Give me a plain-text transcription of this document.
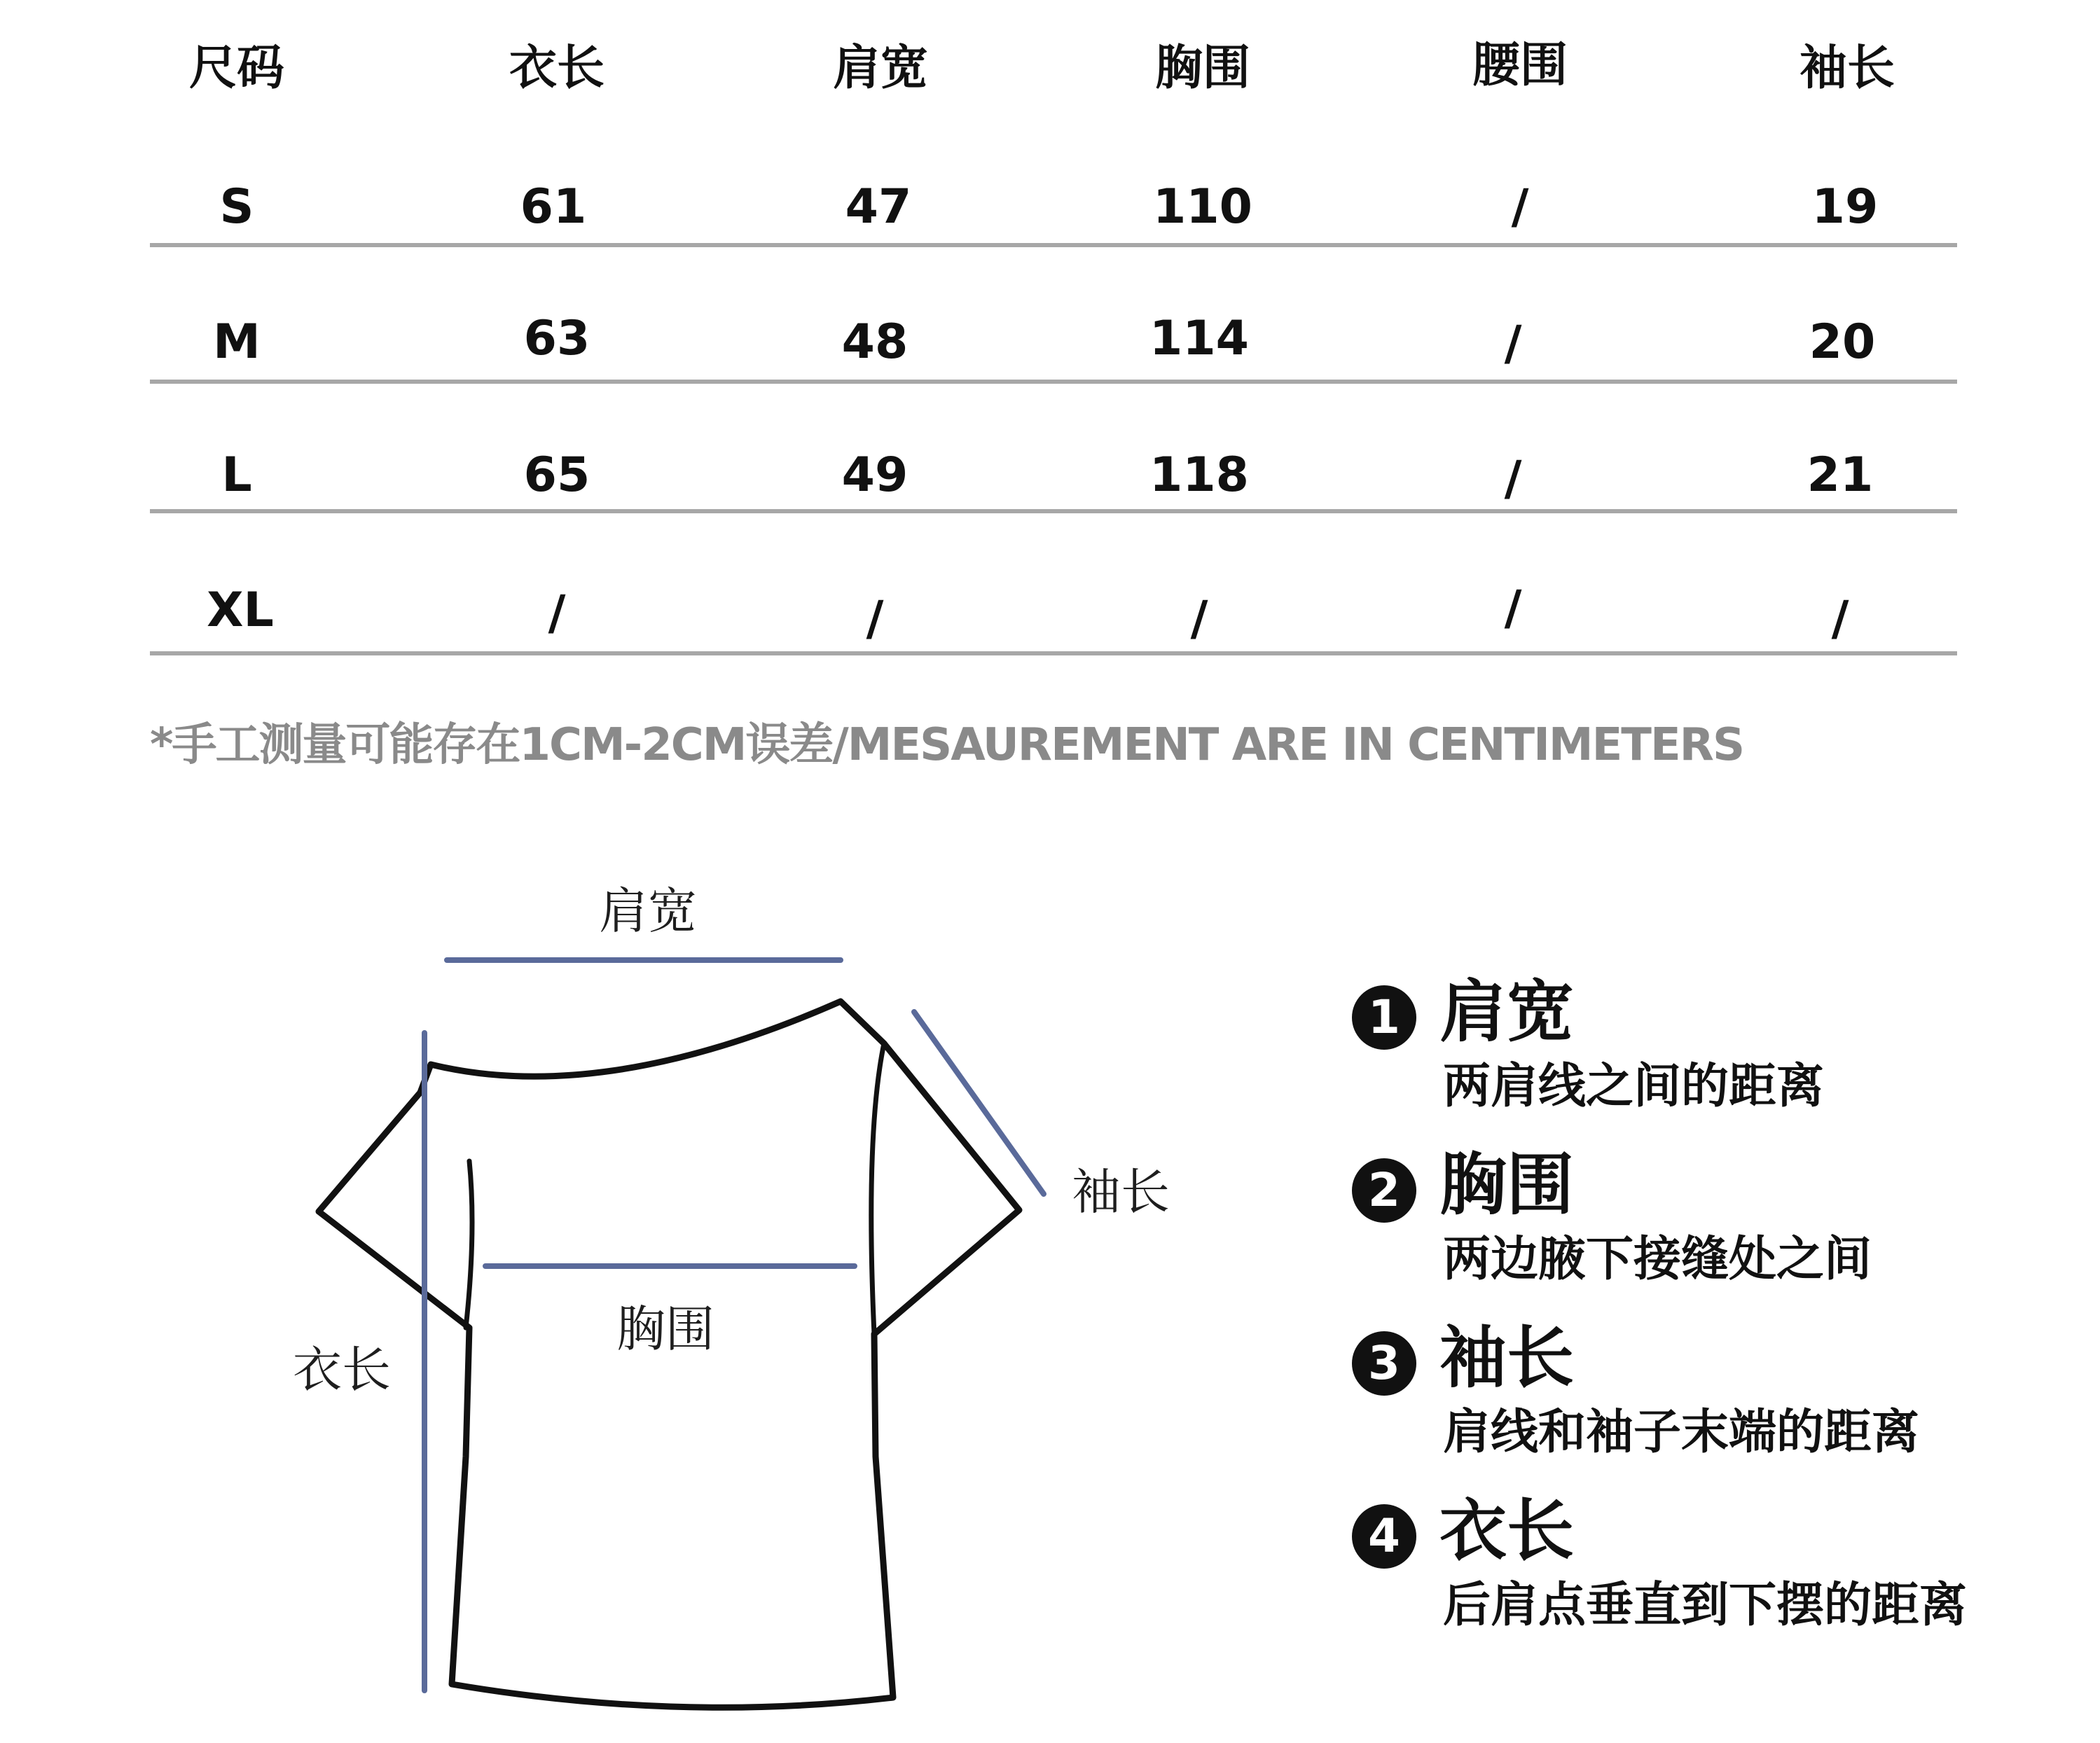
尺码	衣长	肩宽	胸围	腰围	袖长
S	61	47	110	/	19
M	63	48	114	/	20
L	65	49	118	/	21
XL	/	/	/	/	/
*手工测量可能存在1CM-2CM误差/MESAUREMENT ARE IN CENTIMETERS
肩宽
袖长
胸围
衣长
1 肩宽
两肩线之间的距离
2 胸围
两边腋下接缝处之间
3 袖长
肩线和袖子末端的距离
4 衣长
后肩点垂直到下摆的距离
